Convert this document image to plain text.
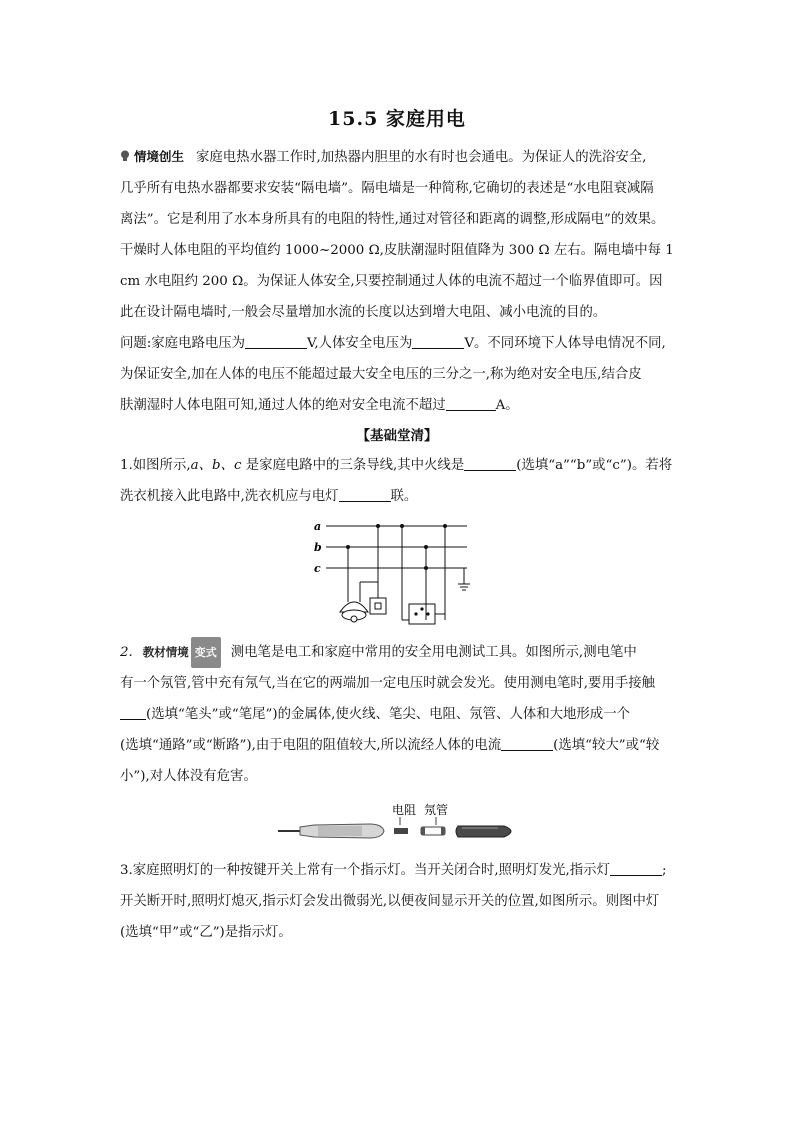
15.5 家庭用电
情境创生 家庭电热水器工作时,加热器内胆里的水有时也会通电。为保证人的洗浴安全,
几乎所有电热水器都要求安装“隔电墙”。隔电墙是一种简称,它确切的表述是“水电阻衰减隔
离法”。它是利用了水本身所具有的电阻的特性,通过对管径和距离的调整,形成隔电”的效果。
干燥时人体电阻的平均值约 1000~2000 Ω,皮肤潮湿时阻值降为 300 Ω 左右。隔电墙中每 1
cm 水电阻约 200 Ω。为保证人体安全,只要控制通过人体的电流不超过一个临界值即可。因
此在设计隔电墙时,一般会尽量增加水流的长度以达到增大电阻、减小电流的目的。
问题:家庭电路电压为	V,人体安全电压为	V。不同环境下人体导电情况不同,
为保证安全,加在人体的电压不能超过最大安全电压的三分之一,称为绝对安全电压,结合皮
肤潮湿时人体电阻可知,通过人体的绝对安全电流不超过	A。
【基础堂清】
1.如图所示,a、b、c 是家庭电路中的三条导线,其中火线是	(选填“a”“b”或“c”)。若将
洗衣机接入此电路中,洗衣机应与电灯	联。
a
b
c
2. 教材情境 变式 测电笔是电工和家庭中常用的安全用电测试工具。如图所示,测电笔中
有一个氖管,管中充有氖气,当在它的两端加一定电压时就会发光。使用测电笔时,要用手接触
(选填“笔头”或“笔尾”)的金属体,使火线、笔尖、电阻、氖管、人体和大地形成一个
(选填“通路”或“断路”),由于电阻的阻值较大,所以流经人体的电流	(选填“较大”或“较
小”),对人体没有危害。
电阻 氖管
3.家庭照明灯的一种按键开关上常有一个指示灯。当开关闭合时,照明灯发光,指示灯	;
开关断开时,照明灯熄灭,指示灯会发出微弱光,以便夜间显示开关的位置,如图所示。则图中灯
(选填“甲”或“乙”)是指示灯。
